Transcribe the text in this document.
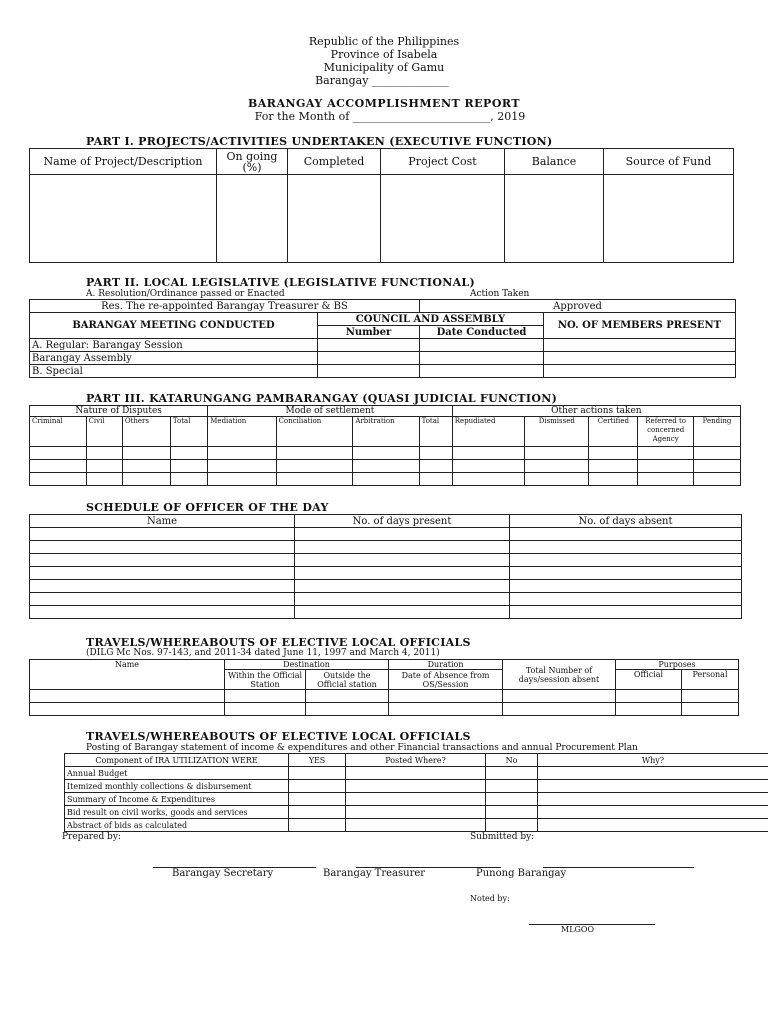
Republic of the Philippines
Province of Isabela
Municipality of Gamu
Barangay ______________
BARANGAY ACCOMPLISHMENT REPORT
For the Month of _________________________, 2019
PART I. PROJECTS/ACTIVITIES UNDERTAKEN (EXECUTIVE FUNCTION)
Name of Project/Description	On going (%)	Completed	Project Cost	Balance	Source of Fund

PART II. LOCAL LEGISLATIVE (LEGISLATIVE FUNCTIONAL)
A. Resolution/Ordinance passed or Enacted	Action Taken
Res. The re-appointed Barangay Treasurer & BS		Approved	
BARANGAY MEETING CONDUCTED	COUNCIL AND ASSEMBLY		NO. OF MEMBERS PRESENT
	Number	Date Conducted	
A. Regular: Barangay Session			
Barangay Assembly			
B. Special			
PART III. KATARUNGANG PAMBARANGAY (QUASI JUDICIAL FUNCTION)
Nature of Disputes				Mode of settlement				Other actions taken				
Criminal	Civil	Others	Total	Mediation	Conciliation	Arbitration	Total	Repudiated	Dismissed	Certified	Referred to concerned Agency	Pending

SCHEDULE OF OFFICER OF THE DAY
Name	No. of days present	No. of days absent

TRAVELS/WHEREABOUTS OF ELECTIVE LOCAL OFFICIALS
(DILG Mc Nos. 97-143, and 2011-34 dated June 11, 1997 and March 4, 2011)
Name	Destination		Duration	Total Number of days/session absent	Purposes	
	Within the Official Station	Outside the Official station	Date of Absence from OS/Session		Official	Personal

TRAVELS/WHEREABOUTS OF ELECTIVE LOCAL OFFICIALS
Posting of Barangay statement of income & expenditures and other Financial transactions and annual Procurement Plan
Component of IRA UTILIZATION WERE	YES	Posted Where?	No	Why?
Annual Budget				
Itemized monthly collections & disbursement				
Summary of Income & Expenditures				
Bid result on civil works, goods and services				
Abstract of bids as calculated				
Prepared by:	Submitted by:
Barangay Secretary	Barangay Treasurer	Punong Barangay
Noted by:
MLGOO
